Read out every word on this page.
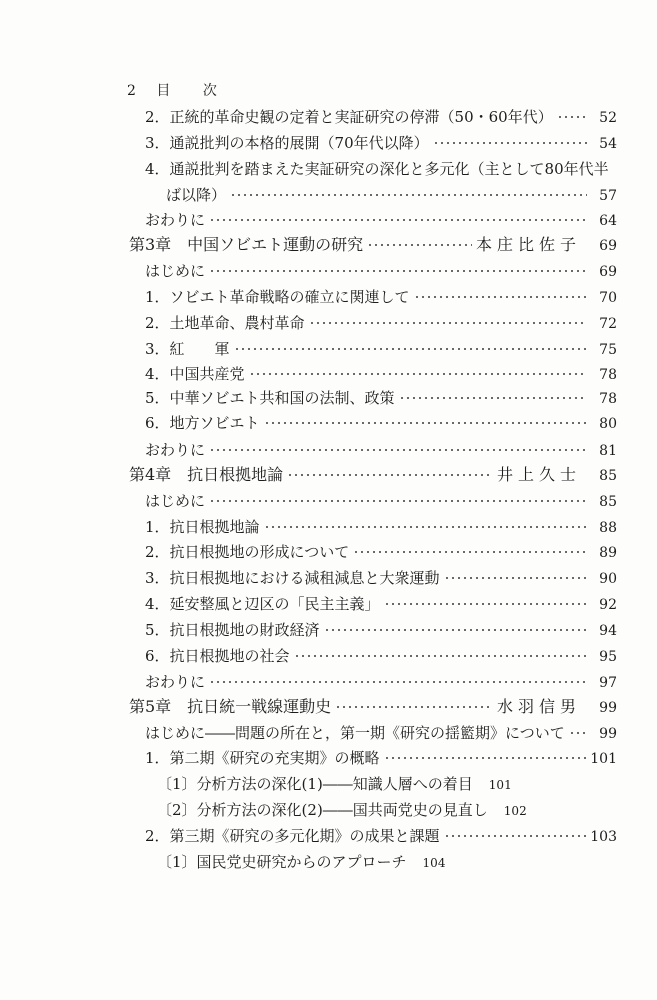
2 目 次
2．正統的革命史観の定着と実証研究の停滞（50・60年代）	52
3．通説批判の本格的展開（70年代以降）	54
4．通説批判を踏まえた実証研究の深化と多元化（主として80年代半
ば以降）	57
おわりに	64
第3章　中国ソビエト運動の研究	本庄比佐子	69
はじめに	69
1．ソビエト革命戦略の確立に関連して	70
2．土地革命、農村革命	72
3．紅　　軍	75
4．中国共産党	78
5．中華ソビエト共和国の法制、政策	78
6．地方ソビエト	80
おわりに	81
第4章　抗日根拠地論	井上久士	85
はじめに	85
1．抗日根拠地論	88
2．抗日根拠地の形成について	89
3．抗日根拠地における減租減息と大衆運動	90
4．延安整風と辺区の「民主主義」	92
5．抗日根拠地の財政経済	94
6．抗日根拠地の社会	95
おわりに	97
第5章　抗日統一戦線運動史	水羽信男	99
はじめに――問題の所在と，第一期《研究の揺籃期》について	99
1．第二期《研究の充実期》の概略	101
〔1〕分析方法の深化(1)――知識人層への着目 101
〔2〕分析方法の深化(2)――国共両党史の見直し 102
2．第三期《研究の多元化期》の成果と課題	103
〔1〕国民党史研究からのアプローチ 104
